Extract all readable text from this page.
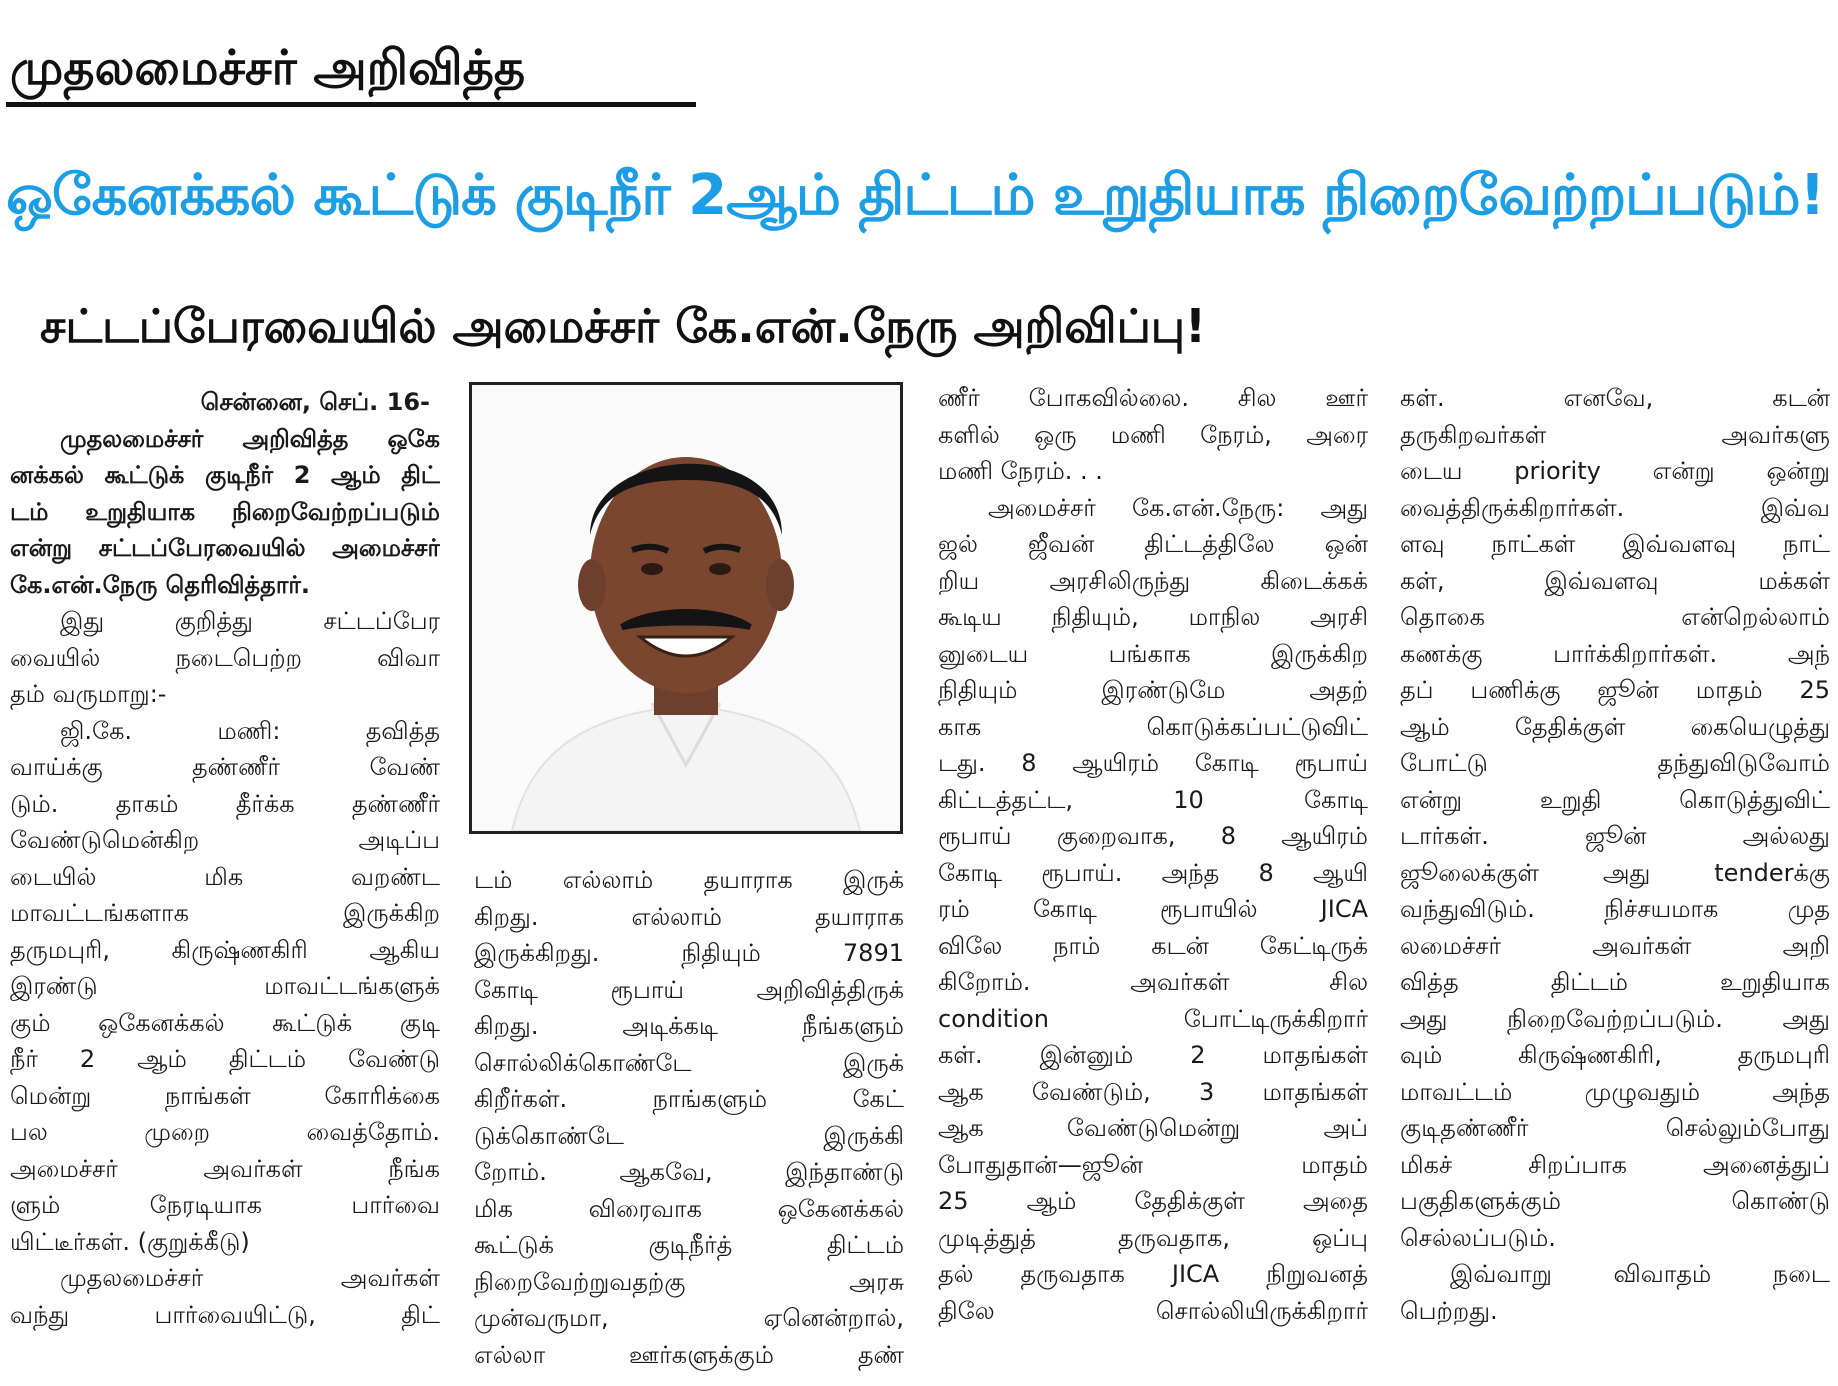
முதலமைச்சர் அறிவித்த
ஒகேனக்கல் கூட்டுக் குடிநீர் 2ஆம் திட்டம் உறுதியாக நிறைவேற்றப்படும்!
சட்டப்பேரவையில் அமைச்சர் கே.என்.நேரு அறிவிப்பு!
சென்னை, செப். 16-
முதலமைச்சர் அறிவித்த ஒகே
னக்கல் கூட்டுக் குடிநீர் 2 ஆம் திட்
டம் உறுதியாக நிறைவேற்றப்படும்
என்று சட்டப்பேரவையில் அமைச்சர்
கே.என்.நேரு தெரிவித்தார்.
இது குறித்து சட்டப்பேர
வையில் நடைபெற்ற விவா
தம் வருமாறு:-
ஜி.கே. மணி: தவித்த
வாய்க்கு தண்ணீர் வேண்
டும். தாகம் தீர்க்க தண்ணீர்
வேண்டுமென்கிற அடிப்ப
டையில் மிக வறண்ட
மாவட்டங்களாக இருக்கிற
தருமபுரி, கிருஷ்ணகிரி ஆகிய
இரண்டு மாவட்டங்களுக்
கும் ஒகேனக்கல் கூட்டுக் குடி
நீர் 2 ஆம் திட்டம் வேண்டு
மென்று நாங்கள் கோரிக்கை
பல முறை வைத்தோம்.
அமைச்சர் அவர்கள் நீங்க
ளும் நேரடியாக பார்வை
யிட்டீர்கள். (குறுக்கீடு)
முதலமைச்சர் அவர்கள்
வந்து பார்வையிட்டு, திட்
டம் எல்லாம் தயாராக இருக்
கிறது. எல்லாம் தயாராக
இருக்கிறது. நிதியும் 7891
கோடி ரூபாய் அறிவித்திருக்
கிறது. அடிக்கடி நீங்களும்
சொல்லிக்கொண்டே இருக்
கிறீர்கள். நாங்களும் கேட்
டுக்கொண்டே இருக்கி
றோம். ஆகவே, இந்தாண்டு
மிக விரைவாக ஒகேனக்கல்
கூட்டுக் குடிநீர்த் திட்டம்
நிறைவேற்றுவதற்கு அரசு
முன்வருமா, ஏனென்றால்,
எல்லா ஊர்களுக்கும் தண்
ணீர் போகவில்லை. சில ஊர்
களில் ஒரு மணி நேரம், அரை
மணி நேரம். . .
அமைச்சர் கே.என்.நேரு: அது
ஜல் ஜீவன் திட்டத்திலே ஒன்
றிய அரசிலிருந்து கிடைக்கக்
கூடிய நிதியும், மாநில அரசி
னுடைய பங்காக இருக்கிற
நிதியும் இரண்டுமே அதற்
காக கொடுக்கப்பட்டுவிட்
டது. 8 ஆயிரம் கோடி ரூபாய்
கிட்டத்தட்ட, 10 கோடி
ரூபாய் குறைவாக, 8 ஆயிரம்
கோடி ரூபாய். அந்த 8 ஆயி
ரம் கோடி ரூபாயில் JICA
விலே நாம் கடன் கேட்டிருக்
கிறோம். அவர்கள் சில
condition போட்டிருக்கிறார்
கள். இன்னும் 2 மாதங்கள்
ஆக வேண்டும், 3 மாதங்கள்
ஆக வேண்டுமென்று அப்
போதுதான்—ஜூன் மாதம்
25 ஆம் தேதிக்குள் அதை
முடித்துத் தருவதாக, ஒப்பு
தல் தருவதாக JICA நிறுவனத்
திலே சொல்லியிருக்கிறார்
கள். எனவே, கடன்
தருகிறவர்கள் அவர்களு
டைய priority என்று ஒன்று
வைத்திருக்கிறார்கள். இவ்வ
ளவு நாட்கள் இவ்வளவு நாட்
கள், இவ்வளவு மக்கள்
தொகை என்றெல்லாம்
கணக்கு பார்க்கிறார்கள். அந்
தப் பணிக்கு ஜூன் மாதம் 25
ஆம் தேதிக்குள் கையெழுத்து
போட்டு தந்துவிடுவோம்
என்று உறுதி கொடுத்துவிட்
டார்கள். ஜூன் அல்லது
ஜூலைக்குள் அது tenderக்கு
வந்துவிடும். நிச்சயமாக முத
லமைச்சர் அவர்கள் அறி
வித்த திட்டம் உறுதியாக
அது நிறைவேற்றப்படும். அது
வும் கிருஷ்ணகிரி, தருமபுரி
மாவட்டம் முழுவதும் அந்த
குடிதண்ணீர் செல்லும்போது
மிகச் சிறப்பாக அனைத்துப்
பகுதிகளுக்கும் கொண்டு
செல்லப்படும்.
இவ்வாறு விவாதம் நடை
பெற்றது.
